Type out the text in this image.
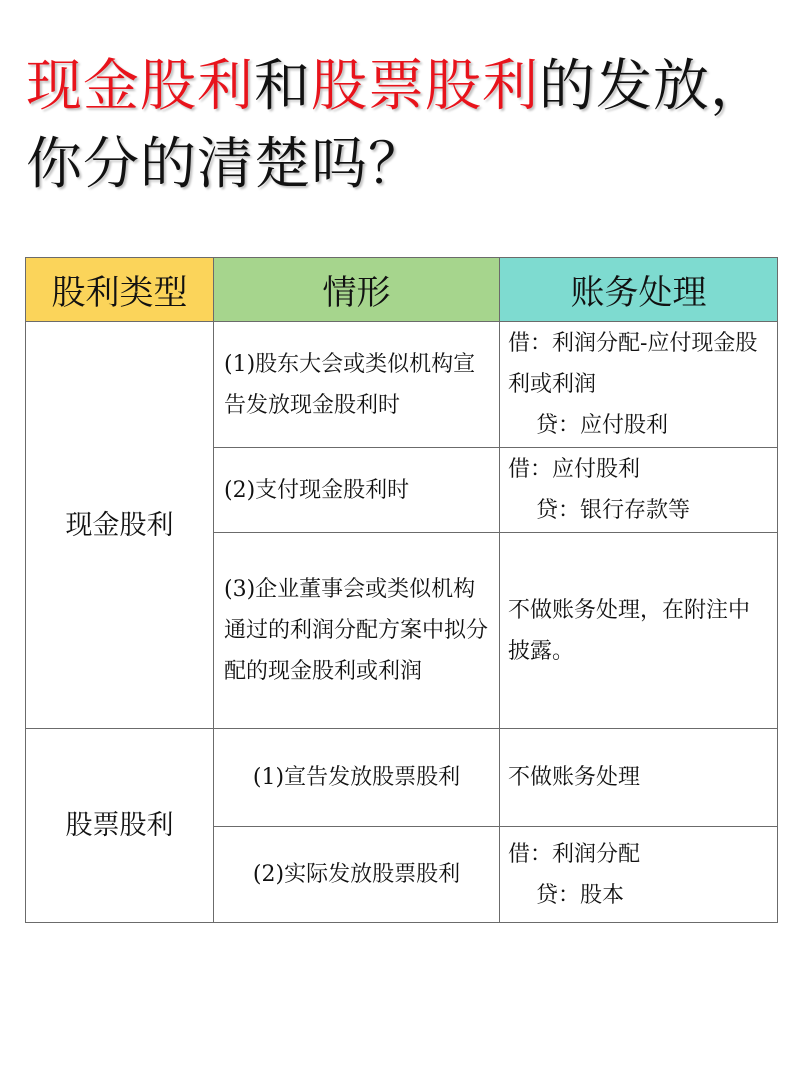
现金股利和股票股利的发放，
你分的清楚吗？
股利类型	情形	账务处理
现金股利	(1)股东大会或类似机构宣告发放现金股利时	借：利润分配-应付现金股利或利润
贷：应付股利

	(2)支付现金股利时	借：应付股利
贷：银行存款等

	(3)企业董事会或类似机构通过的利润分配方案中拟分配的现金股利或利润	不做账务处理，在附注中披露。
股票股利	(1)宣告发放股票股利	不做账务处理
	(2)实际发放股票股利	借：利润分配
贷：股本
